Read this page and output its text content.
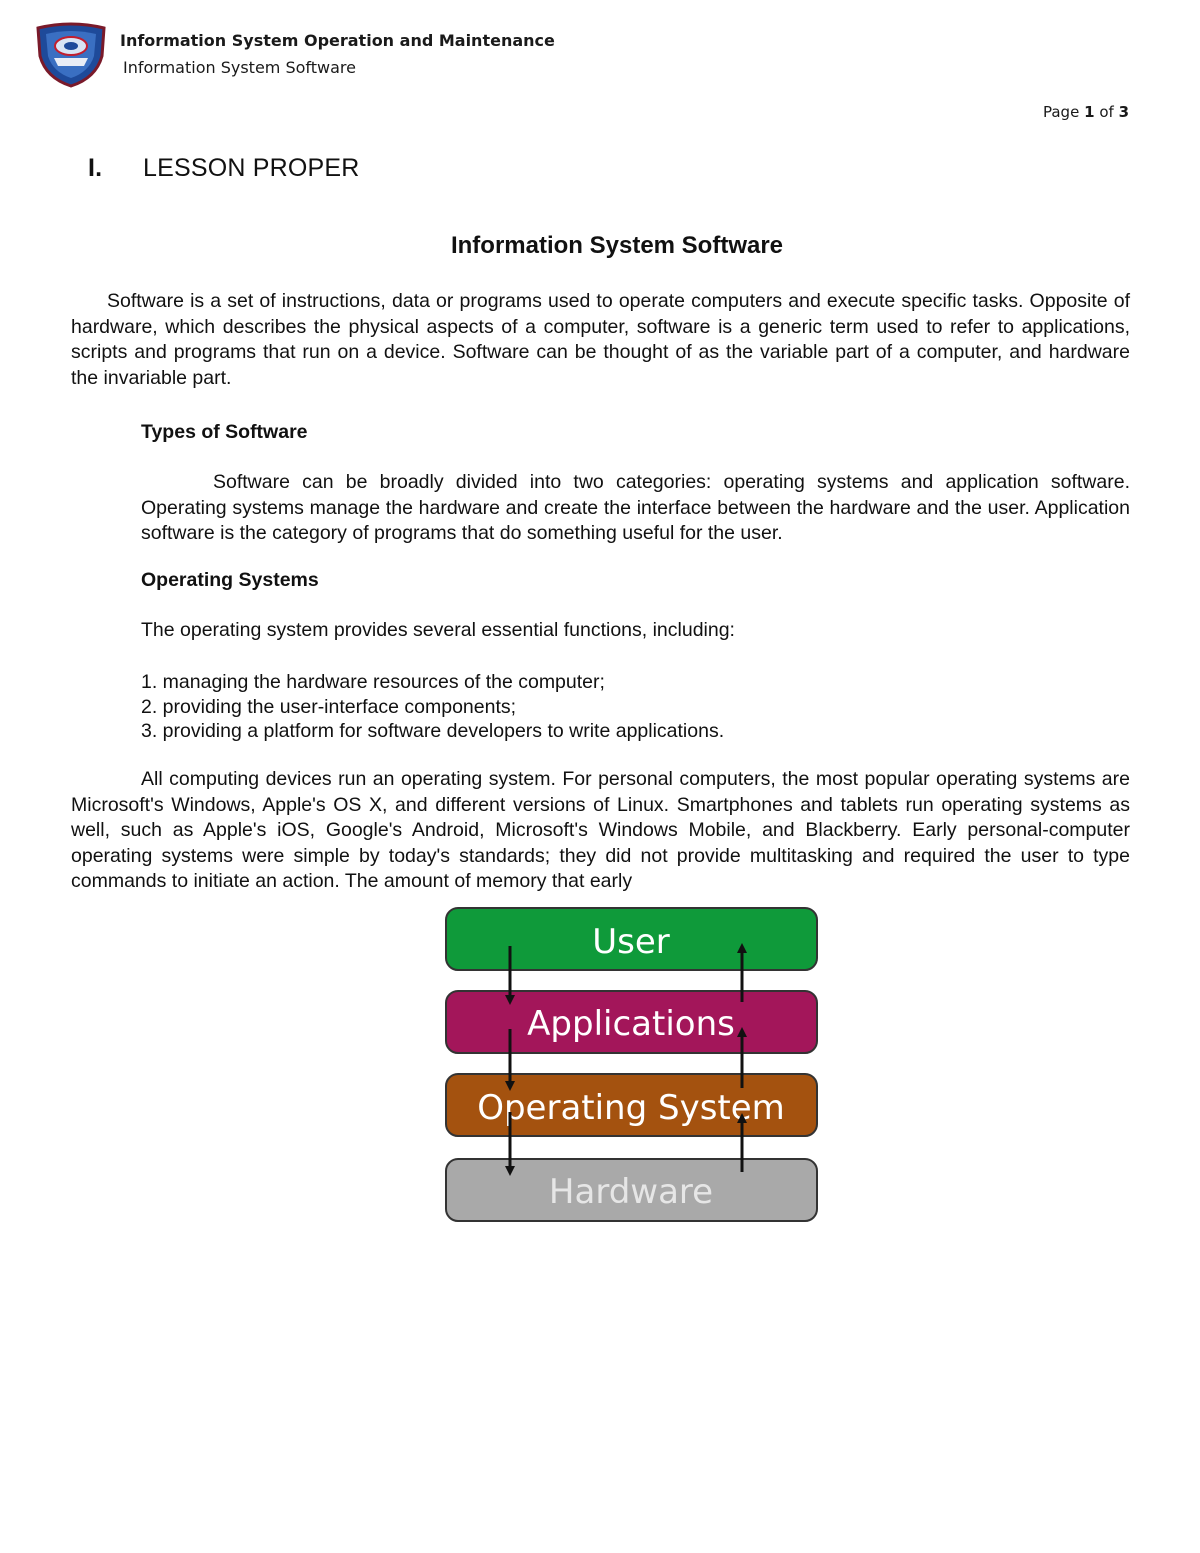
Information System Operation and Maintenance
Information System Software
Page 1 of 3
I. LESSON PROPER
Information System Software

Software is a set of instructions, data or programs used to operate computers and execute specific tasks. Opposite of hardware, which describes the physical aspects of a computer, software is a generic term used to refer to applications, scripts and programs that run on a device. Software can be thought of as the variable part of a computer, and hardware the invariable part.

Types of Software

Software can be broadly divided into two categories: operating systems and application software. Operating systems manage the hardware and create the interface between the hardware and the user. Application software is the category of programs that do something useful for the user.

Operating Systems
The operating system provides several essential functions, including:
1. managing the hardware resources of the computer;
2. providing the user-interface components;
3. providing a platform for software developers to write applications.

All computing devices run an operating system. For personal computers, the most popular operating systems are Microsoft's Windows, Apple's OS X, and different versions of Linux. Smartphones and tablets run operating systems as well, such as Apple's iOS, Google's Android, Microsoft's Windows Mobile, and Blackberry. Early personal-computer operating systems were simple by today's standards; they did not provide multitasking and required the user to type commands to initiate an action. The amount of memory that early

User
Applications
Operating System
Hardware
